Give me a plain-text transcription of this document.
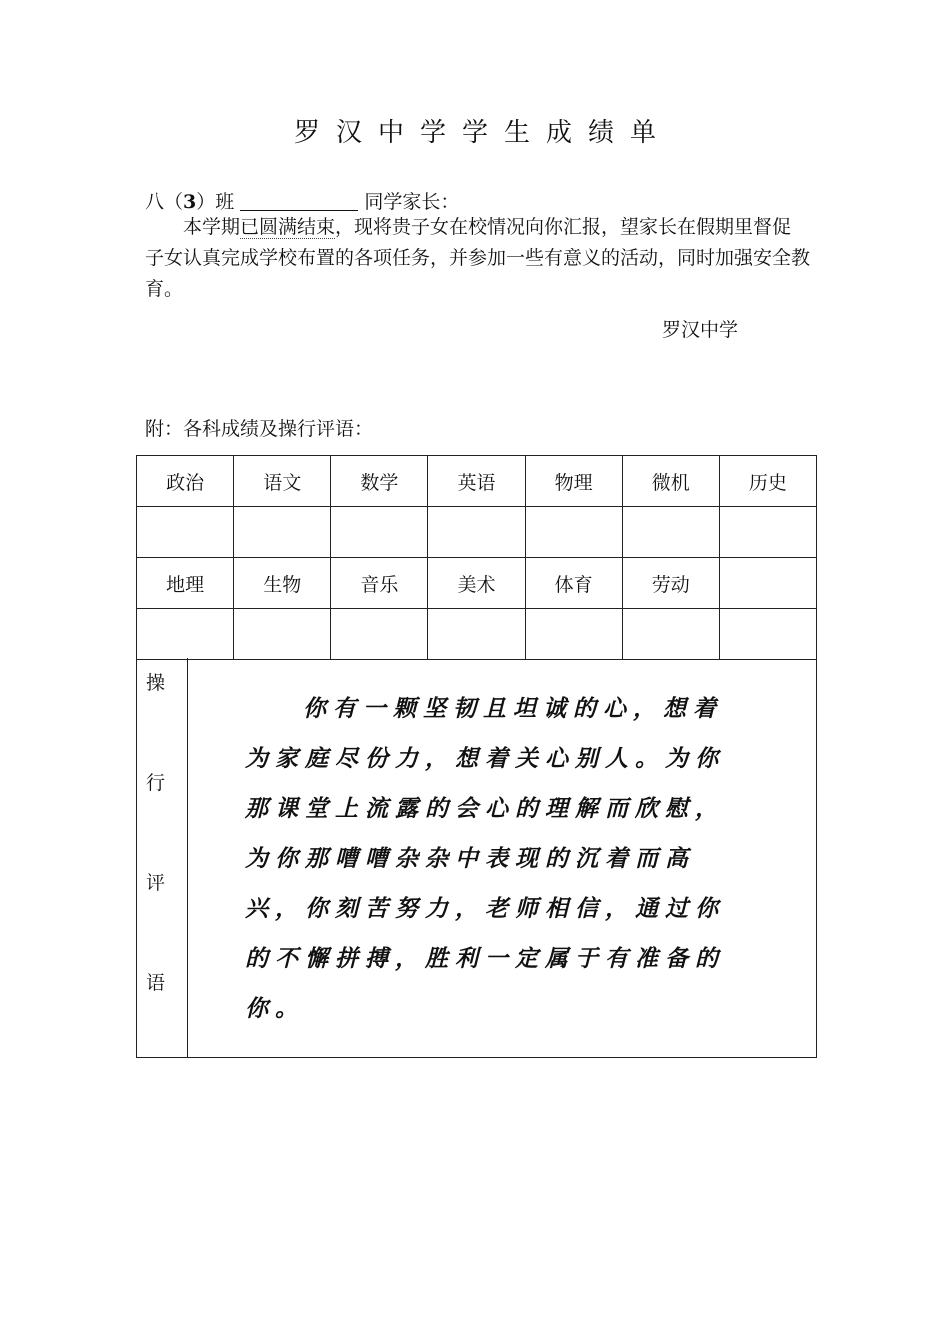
罗汉中学学生成绩单
八（3）班	同学家长：
本学期已圆满结束，现将贵子女在校情况向你汇报，望家长在假期里督促子女认真完成学校布置的各项任务，并参加一些有意义的活动，同时加强安全教育。
罗汉中学
附：各科成绩及操行评语：
政治	语文	数学	英语	物理	微机	历史

地理	生物	音乐	美术	体育	劳动	

操
行
评
语
你有一颗坚韧且坦诚的心，想着为家庭尽份力，想着关心别人。为你那课堂上流露的会心的理解而欣慰，为你那嘈嘈杂杂中表现的沉着而高兴，你刻苦努力，老师相信，通过你的不懈拼搏，胜利一定属于有准备的你。
